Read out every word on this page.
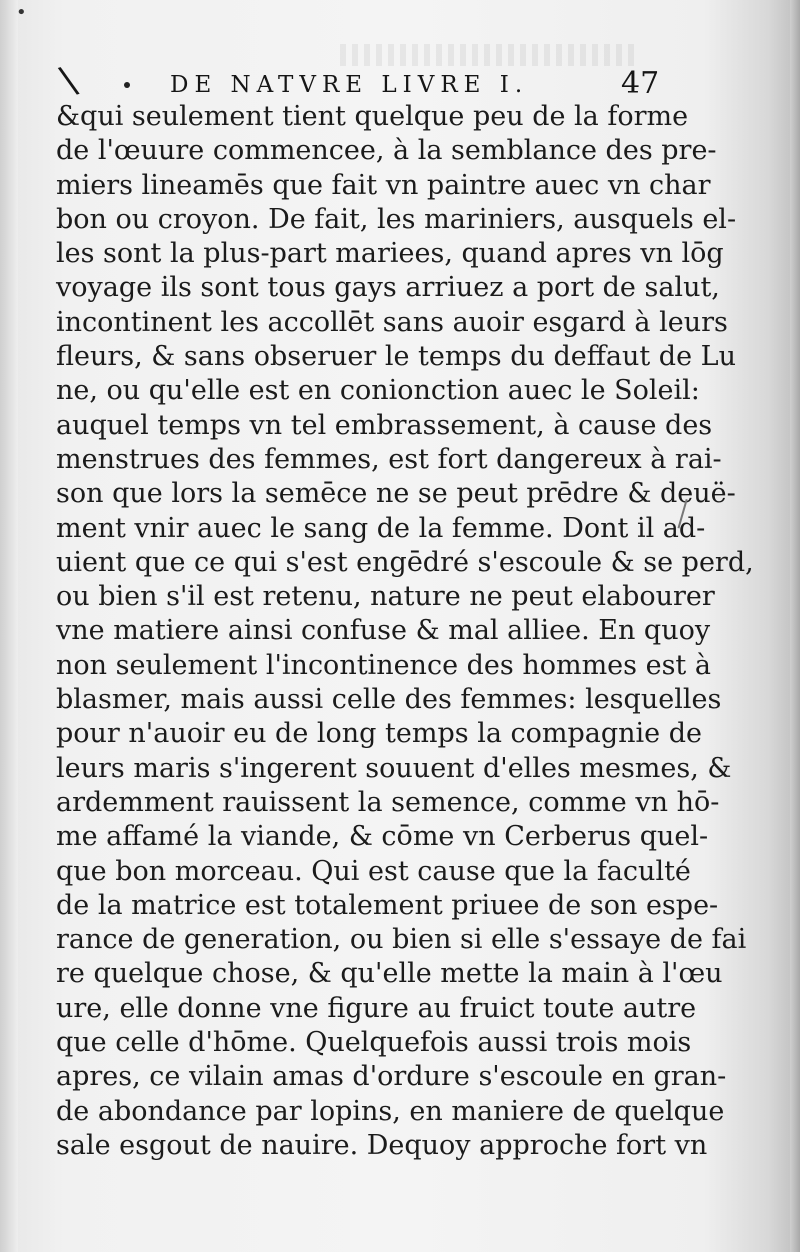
•
\	DE NATVRE LIVRE I.	47
&qui seulement tient quelque peu de la forme
de l'œuure commencee, à la semblance des pre-
miers lineamēs que fait vn paintre auec vn char
bon ou croyon. De fait, les mariniers, ausquels el-
les sont la plus-part mariees, quand apres vn lōg
voyage ils sont tous gays arriuez a port de salut,
incontinent les accollēt sans auoir esgard à leurs
fleurs, & sans obseruer le temps du deffaut de Lu
ne, ou qu'elle est en conionction auec le Soleil:
auquel temps vn tel embrassement, à cause des
menstrues des femmes, est fort dangereux à rai-
son que lors la semēce ne se peut prēdre & deuë-
ment vnir auec le sang de la femme. Dont il ad-
uient que ce qui s'est engēdré s'escoule & se perd,
ou bien s'il est retenu, nature ne peut elabourer
vne matiere ainsi confuse & mal alliee. En quoy
non seulement l'incontinence des hommes est à
blasmer, mais aussi celle des femmes: lesquelles
pour n'auoir eu de long temps la compagnie de
leurs maris s'ingerent souuent d'elles mesmes, &
ardemment rauissent la semence, comme vn hō-
me affamé la viande, & cōme vn Cerberus quel-
que bon morceau. Qui est cause que la faculté
de la matrice est totalement priuee de son espe-
rance de generation, ou bien si elle s'essaye de fai
re quelque chose, & qu'elle mette la main à l'œu
ure, elle donne vne figure au fruict toute autre
que celle d'hōme. Quelquefois aussi trois mois
apres, ce vilain amas d'ordure s'escoule en gran-
de abondance par lopins, en maniere de quelque
sale esgout de nauire. Dequoy approche fort vn
